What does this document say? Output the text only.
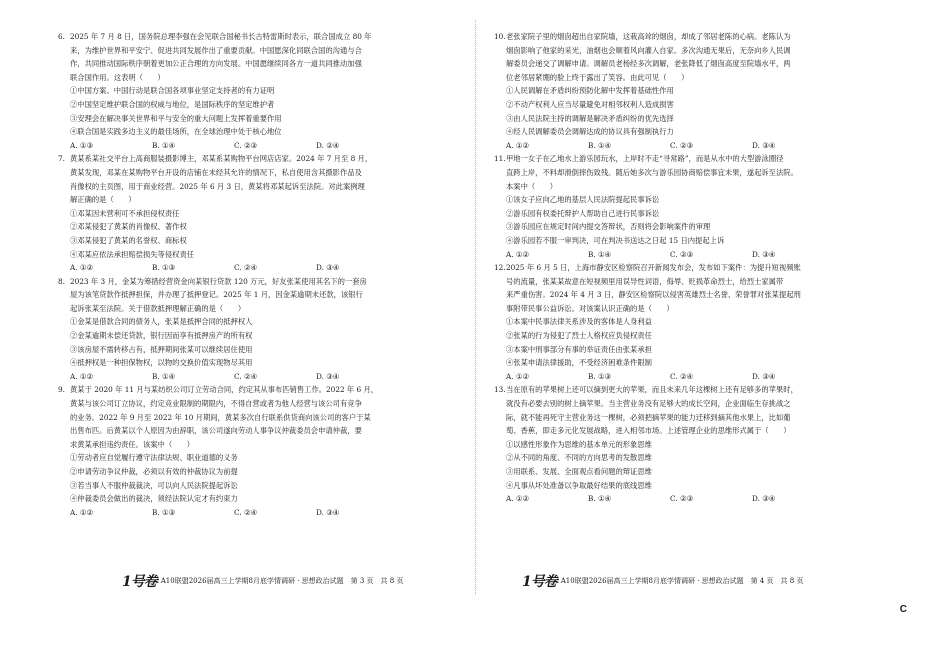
6. 2025 年 7 月 8 日，国务院总理李强在会见联合国秘书长古特雷斯时表示，联合国成立 80 年
来，为维护世界和平安宁、促进共同发展作出了重要贡献。中国愿深化同联合国的沟通与合
作，共同推动国际秩序朝着更加公正合理的方向发展。中国愿继续同各方一道共同推动加强
联合国作用。这表明（　　）
①中国方案、中国行动是联合国各项事业坚定支持者的有力证明
②中国坚定维护联合国的权威与地位，是国际秩序的坚定维护者
③安理会在解决事关世界和平与安全的重大问题上发挥着重要作用
④联合国是实践多边主义的最佳场所，在全球治理中处于核心地位
A. ①③	B. ①④	C. ②③	D. ②④
7. 黄某系某社交平台上高商服装摄影博主，邓某系某购物平台网店店家。2024 年 7 月至 8 月，
黄某发现，邓某在某购物平台开设的店铺在未经其允许的情况下，私自使用含其摄影作品及
肖像权的主页图，用于商业经营。2025 年 6 月 3 日，黄某将邓某起诉至法院。对此案例理
解正确的是（　　）
①邓某因未营利可不承担侵权责任
②邓某侵犯了黄某的肖像权、著作权
③邓某侵犯了黄某的名誉权、商标权
④邓某应依法承担赔偿损失等侵权责任
A. ①②	B. ①③	C. ②④	D. ③④
8. 2023 年 3 月，金某为筹措经营资金向某银行贷款 120 万元，好友张某使用其名下的一套房
屋为该笔贷款作抵押担保，并办理了抵押登记。2025 年 1 月，因金某逾期未还款，该银行
起诉张某至法院。关于借款抵押理解正确的是（　　）
①金某是借款合同的债务人，张某是抵押合同的抵押权人
②金某逾期未偿还贷款，银行因而享有抵押房产的所有权
③该房屋不需转移占有，抵押期间张某可以继续居住使用
④抵押权是一种担保物权，以物的交换价值实现物尽其用
A. ①②	B. ①④	C. ②④	D. ③④
9. 黄某于 2020 年 11 月与某纺织公司订立劳动合同，约定其从事布匹销售工作。2022 年 6 月，
黄某与该公司订立协议，约定竞业限制的期限内，不得自营或者为他人经营与该公司有竞争
的业务。2022 年 9 月至 2022 年 10 月期间，黄某多次自行联系供货商向该公司的客户于某
出售布匹。后黄某以个人原因为由辞职，该公司遂向劳动人事争议仲裁委员会申请仲裁，要
求黄某承担违约责任。该案中（　　）
①劳动者应自觉履行遵守法律法规、职业道德的义务
②申请劳动争议仲裁，必须以有效的仲裁协议为前提
③若当事人不服仲裁裁决，可以向人民法院提起诉讼
④仲裁委员会做出的裁决，须经法院认定才有约束力
A. ①②	B. ①③	C. ②④	D. ③④
10. 老张家院子里的烟囱超出自家院墙，这栽高耸的烟囱，却成了邻居老陈的心病。老陈认为
烟囱影响了他家的采光，油烟也会顺着风向灌入自家。多次沟通无果后，无奈向乡人民调
解委员会递交了调解申请。调解员老杨经多次调解，老张降低了烟囱高度至院墙水平，两
位老邻居紧绷的脸上终于露出了笑容。由此可见（　　）
①人民调解在矛盾纠纷预防化解中发挥着基础性作用
②不动产权利人应当尽量避免对相邻权利人造成损害
③由人民法院主持的调解是解决矛盾纠纷的优先选择
④经人民调解委员会调解达成的协议具有强制执行力
A. ①②	B. ①④	C. ②③	D. ③④
11. 甲地一女子在乙地水上游乐园玩水，上岸时不走“寻常路”，而是从水中的大型游泳圈径
直跨上岸，不料却滑倒摔伤致残。随后她多次与游乐园协商赔偿事宜未果，遂起诉至法院。
本案中（　　）
①该女子应向乙地的基层人民法院提起民事诉讼
②游乐园有权委托辩护人帮助自己进行民事诉讼
③游乐园应在规定时间内提交答辩状，否则将会影响案件的审理
④游乐园若不服一审判决，可在判决书送达之日起 15 日内提起上诉
A. ①②	B. ①④	C. ②③	D. ③④
12. 2025 年 6 月 5 日，上海市静安区检察院召开新闻发布会，发布如下案件：为提升短视频账
号的流量，张某某故意在短视频里用误导性词语，侮辱、贬损革命烈士，给烈士家属带
来严重伤害。2024 年 4 月 3 日，静安区检察院以侵害英雄烈士名誉、荣誉罪对张某提起刑
事附带民事公益诉讼。对该案认识正确的是（　　）
①本案中民事法律关系涉及的客体是人身利益
②张某的行为侵犯了烈士人格权应负侵权责任
③本案中刑事部分有事的举证责任由张某承担
④张某申请法律援助，不受经济困难条件限制
A. ①②	B. ①③	C. ②④	D. ③④
13. 当在原有的苹果树上还可以摘到更大的苹果，而且未来几年这棵树上还有足够多的苹果时，
就没有必要去别的树上摘苹果。当主营业务没有足够大的成长空间，企业面临生存挑战之
际，就不能再死守主营业务这一棵树，必须把摘苹果的能力迁移到摘其他水果上，比如葡
萄、香蕉，即走多元化发展战略，进入相邻市场。上述管理企业的思维形式属于（　　）
①以感性形象作为思维的基本单元的形象思维
②从不同的角度、不同的方向思考的发散思维
③用联系、发展、全面观点看问题的辩证思维
④凡事从坏处准备以争取最好结果的底线思维
A. ①②	B. ①④	C. ②③	D. ③④
1号卷 A10联盟2026届高三上学期8月底学情调研 · 思想政治试题　第 3 页　共 8 页	1号卷 A10联盟2026届高三上学期8月底学情调研 · 思想政治试题　第 4 页　共 8 页
C
